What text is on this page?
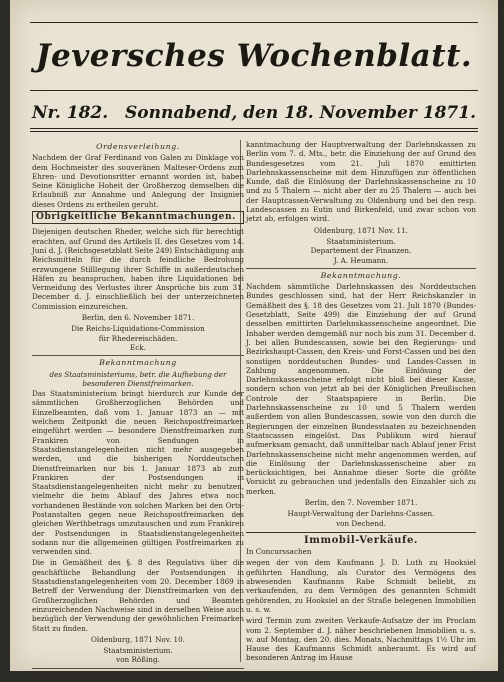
Jeversches Wochenblatt.
Nr. 182. Sonnabend, den 18. November 1871.
Ordensverleihung.

Nachdem der Graf Ferdinand von Galen zu Dinklage von dem Hochmeister des souveränen Malteser-Ordens zum Ehren- und Devotionsritter ernannt worden ist, haben Seine Königliche Hoheit der Großherzog demselben die Erlaubniß zur Annahme und Anlegung der Insignien dieses Ordens zu ertheilen geruht.

Obrigkeitliche Bekanntmachungen.

Diejenigen deutschen Rheder, welche sich für berechtigt erachten, auf Grund des Artikels II. des Gesetzes vom 14. Juni d. J. (Reichsgesetzblatt Seite 249) Entschädigung aus Reichsmitteln für die durch feindliche Bedrohung erzwungene Stilllegung ihrer Schiffe in außerdeutschen Häfen zu beanspruchen, haben ihre Liquidationen bei Vermeidung des Verlustes ihrer Ansprüche bis zum 31. December d. J. einschließlich bei der unterzeichneten Commission einzureichen.

Berlin, den 6. November 1871.

Die Reichs-Liquidations-Commission

für Rhedereischäden.

Eck.

Bekanntmachung

des Staatsministeriums, betr. die Aufhebung der besonderen Dienstfreimarken.

Das Staatsministerium bringt hierdurch zur Kunde der sämmtlichen Großherzoglichen Behörden und Einzelbeamten, daß vom 1. Januar 1873 an — mit welchem Zeitpunkt die neuen Reichspostfreimarken eingeführt werden — besondere Dienstfreimarken zum Frankiren von Sendungen in Staatsdienstangelegenheiten nicht mehr ausgegeben werden, und die bisherigen Norddeutschen Dienstfreimarken nur bis 1. Januar 1873 ab zum Frankiren der Postsendungen in Staatsdienstangelegenheiten nicht mehr zu benutzen, vielmehr die beim Ablauf des Jahres etwa noch vorhandenen Bestände von solchen Marken bei den Orts-Postanstalten gegen neue Reichspostfreimarken des gleichen Werthbetrags umzutauschen und zum Frankiren der Postsendungen in Staatsdienstangelegenheiten sodann nur die allgemeinen gültigen Postfreimarken zu verwenden sind.

Die in Gemäßheit des §. 8 des Regulativs über die geschäftliche Behandlung der Postsendungen in Staatsdienstangelegenheiten vom 20. December 1869 in Betreff der Verwendung der Dienstfreimarken von den Großherzoglichen Behörden und Beamten einzureichenden Nachweise sind in derselben Weise auch bezüglich der Verwendung der gewöhnlichen Freimarken Statt zu finden.

Oldenburg, 1871 Nov. 10.

Staatsministerium.

von Rößing.

Das Staatsministerium bringt nachstehende Be-

kanntmachung der Hauptverwaltung der Darlehnskassen zu Berlin vom 7. d. Mts., betr. die Einziehung der auf Grund des Bundesgesetzes vom 21. Juli 1870 emittirten Darlehnskassenscheine mit dem Hinzufügen zur öffentlichen Kunde, daß die Einlösung der Darlehnskassenscheine zu 10 und zu 5 Thalern — nicht aber der zu 25 Thalern — auch bei der Hauptcassen-Verwaltung zu Oldenburg und bei den resp. Landescassen zu Eutin und Birkenfeld, und zwar schon von jetzt ab, erfolgen wird.

Oldenburg, 1871 Nov. 11.

Staatsministerium.

Departement der Finanzen.

J. A. Heumann.

Bekanntmachung.

Nachdem sämmtliche Darlehnskassen des Norddeutschen Bundes geschlossen sind, hat der Herr Reichskanzler in Gemäßheit des §. 18 des Gesetzes vom 21. Juli 1870 (Bundes-Gesetzblatt, Seite 499) die Einziehung der auf Grund desselben emittirten Darlehnskassenscheine angeordnet. Die Inhaber werden demgemäß nur noch bis zum 31. December d. J. bei allen Bundescassen, sowie bei den Regierungs- und Bezirkshaupt-Cassen, den Kreis- und Forst-Cassen und bei den sonstigen norddeutschen Bundes- und Landes-Cassen in Zahlung angenommen. Die Einlösung der Darlehnskassenscheine erfolgt nicht bloß bei dieser Kasse, sondern schon von jetzt ab bei der Königlichen Preußischen Controle der Staatspapiere in Berlin. Die Darlehnskassenscheine zu 10 und 5 Thalern werden außerdem von allen Bundescassen, sowie von den durch die Regierungen der einzelnen Bundesstaaten zu bezeichnenden Staatscassen eingelöst. Das Publikum wird hierauf aufmerksam gemacht, daß unmittelbar nach Ablauf jener Frist Darlehnskassenscheine nicht mehr angenommen werden, auf die Einlösung der Darlehnskassenscheine aber zu berücksichtigen, bei Annahme dieser Sorte die größte Vorsicht zu gebrauchen und jedenfalls den Einzahler sich zu merken.

Berlin, den 7. November 1871.

Haupt-Verwaltung der Darlehns-Cassen.

von Dechend.

Immobil-Verkäufe.

In Concurssachen

wegen der von dem Kaufmann J. D. Luth zu Hooksiel geführten Handlung, als Curator des Vermögens des abwesenden Kaufmanns Rabe Schmidt beliebt, zu verkaufenden, zu dem Vermögen des genannten Schmidt gehörenden, zu Hooksiel an der Straße belegenen Immobilien u. s. w.

wird Termin zum zweiten Verkaufe-Aufsatze der im Proclam vom 2. September d. J. näher beschriebenen Immobilien u. s. w. auf Montag, den 20. dies. Monats, Nachmittags 1½ Uhr im Hause des Kaufmanns Schmidt anberaumt. Es wird auf besonderen Antrag im Hause
